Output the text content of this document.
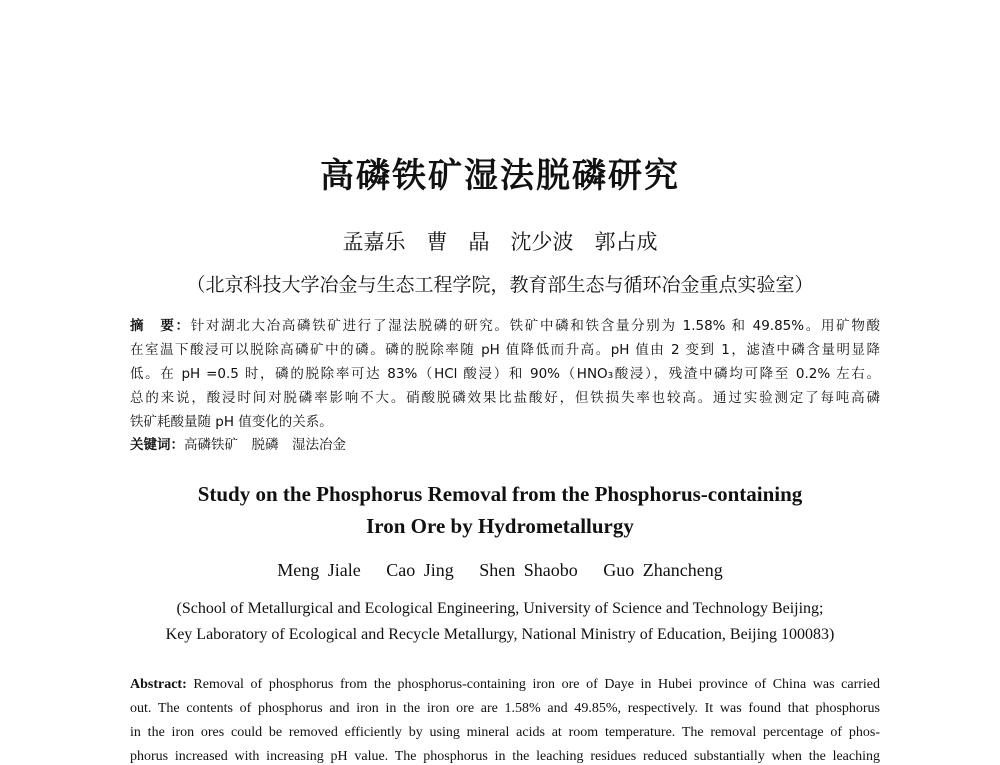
高磷铁矿湿法脱磷研究
孟嘉乐　曹　晶　沈少波　郭占成
（北京科技大学冶金与生态工程学院，教育部生态与循环冶金重点实验室）
摘　要：针对湖北大冶高磷铁矿进行了湿法脱磷的研究。铁矿中磷和铁含量分别为 1.58% 和 49.85%。用矿物酸
在室温下酸浸可以脱除高磷矿中的磷。磷的脱除率随 pH 值降低而升高。pH 值由 2 变到 1，滤渣中磷含量明显降
低。在 pH =0.5 时，磷的脱除率可达 83%（HCl 酸浸）和 90%（HNO₃酸浸），残渣中磷均可降至 0.2% 左右。
总的来说，酸浸时间对脱磷率影响不大。硝酸脱磷效果比盐酸好，但铁损失率也较高。通过实验测定了每吨高磷
铁矿耗酸量随 pH 值变化的关系。
关键词：高磷铁矿　脱磷　湿法冶金
Study on the Phosphorus Removal from the Phosphorus-containing
Iron Ore by Hydrometallurgy
Meng Jiale   Cao Jing   Shen Shaobo   Guo Zhancheng
(School of Metallurgical and Ecological Engineering, University of Science and Technology Beijing;
Key Laboratory of Ecological and Recycle Metallurgy, National Ministry of Education, Beijing 100083)
Abstract: Removal of phosphorus from the phosphorus-containing iron ore of Daye in Hubei province of China was carried
out. The contents of phosphorus and iron in the iron ore are 1.58% and 49.85%, respectively. It was found that phosphorus
in the iron ores could be removed efficiently by using mineral acids at room temperature. The removal percentage of phos-
phorus increased with increasing pH value. The phosphorus in the leaching residues reduced substantially when the leaching
